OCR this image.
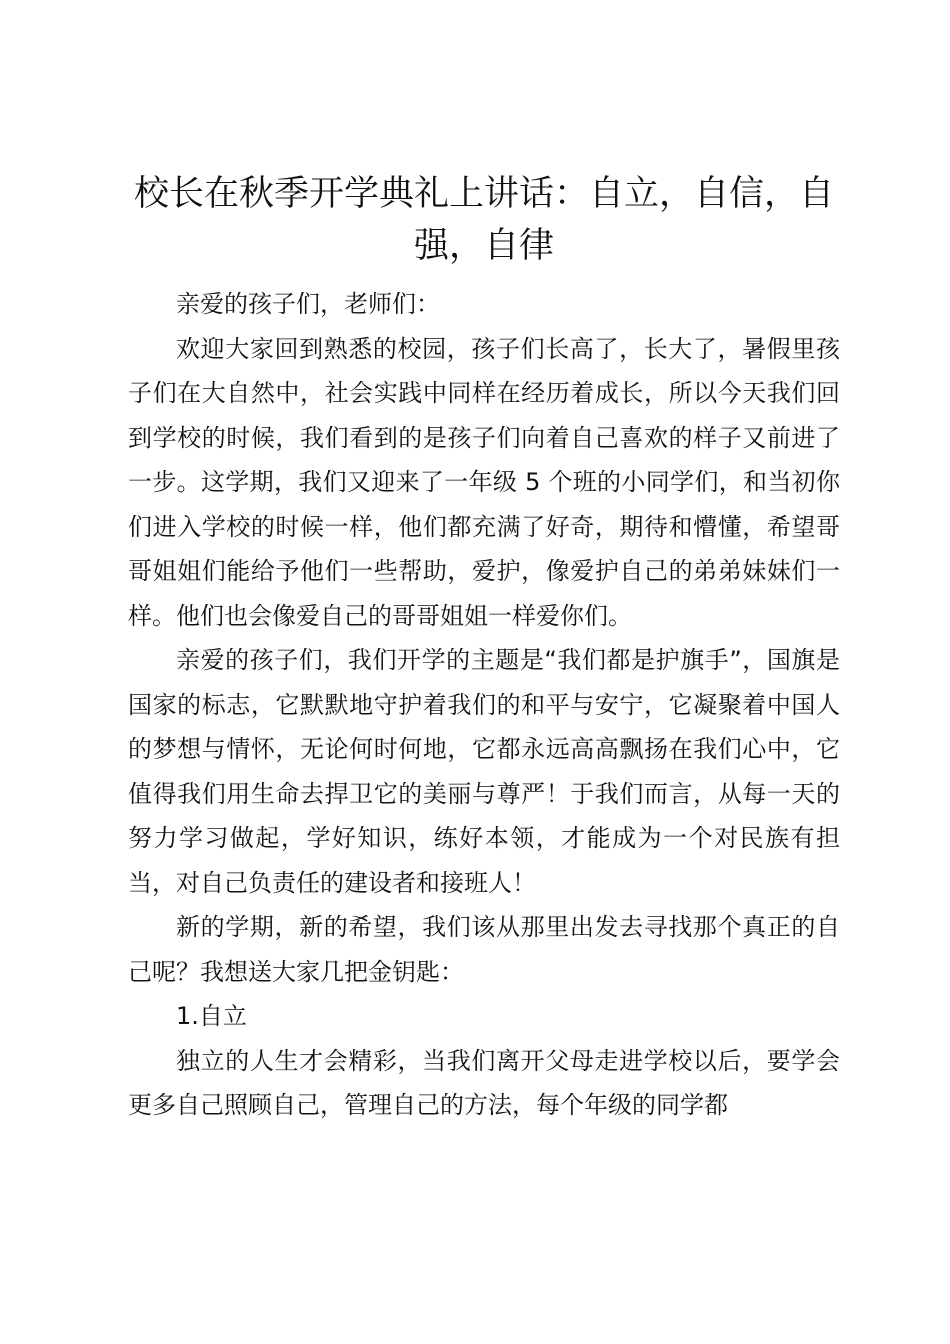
校长在秋季开学典礼上讲话：自立，自信，自强，自律

亲爱的孩子们，老师们：

欢迎大家回到熟悉的校园，孩子们长高了，长大了，暑假里孩子们在大自然中，社会实践中同样在经历着成长，所以今天我们回到学校的时候，我们看到的是孩子们向着自己喜欢的样子又前进了一步。这学期，我们又迎来了一年级 5 个班的小同学们，和当初你们进入学校的时候一样，他们都充满了好奇，期待和懵懂，希望哥哥姐姐们能给予他们一些帮助，爱护，像爱护自己的弟弟妹妹们一样。他们也会像爱自己的哥哥姐姐一样爱你们。

亲爱的孩子们，我们开学的主题是“我们都是护旗手”，国旗是国家的标志，它默默地守护着我们的和平与安宁，它凝聚着中国人的梦想与情怀，无论何时何地，它都永远高高飘扬在我们心中，它值得我们用生命去捍卫它的美丽与尊严！于我们而言，从每一天的努力学习做起，学好知识，练好本领，才能成为一个对民族有担当，对自己负责任的建设者和接班人！

新的学期，新的希望，我们该从那里出发去寻找那个真正的自己呢？我想送大家几把金钥匙：

1.自立

独立的人生才会精彩，当我们离开父母走进学校以后，要学会更多自己照顾自己，管理自己的方法，每个年级的同学都
